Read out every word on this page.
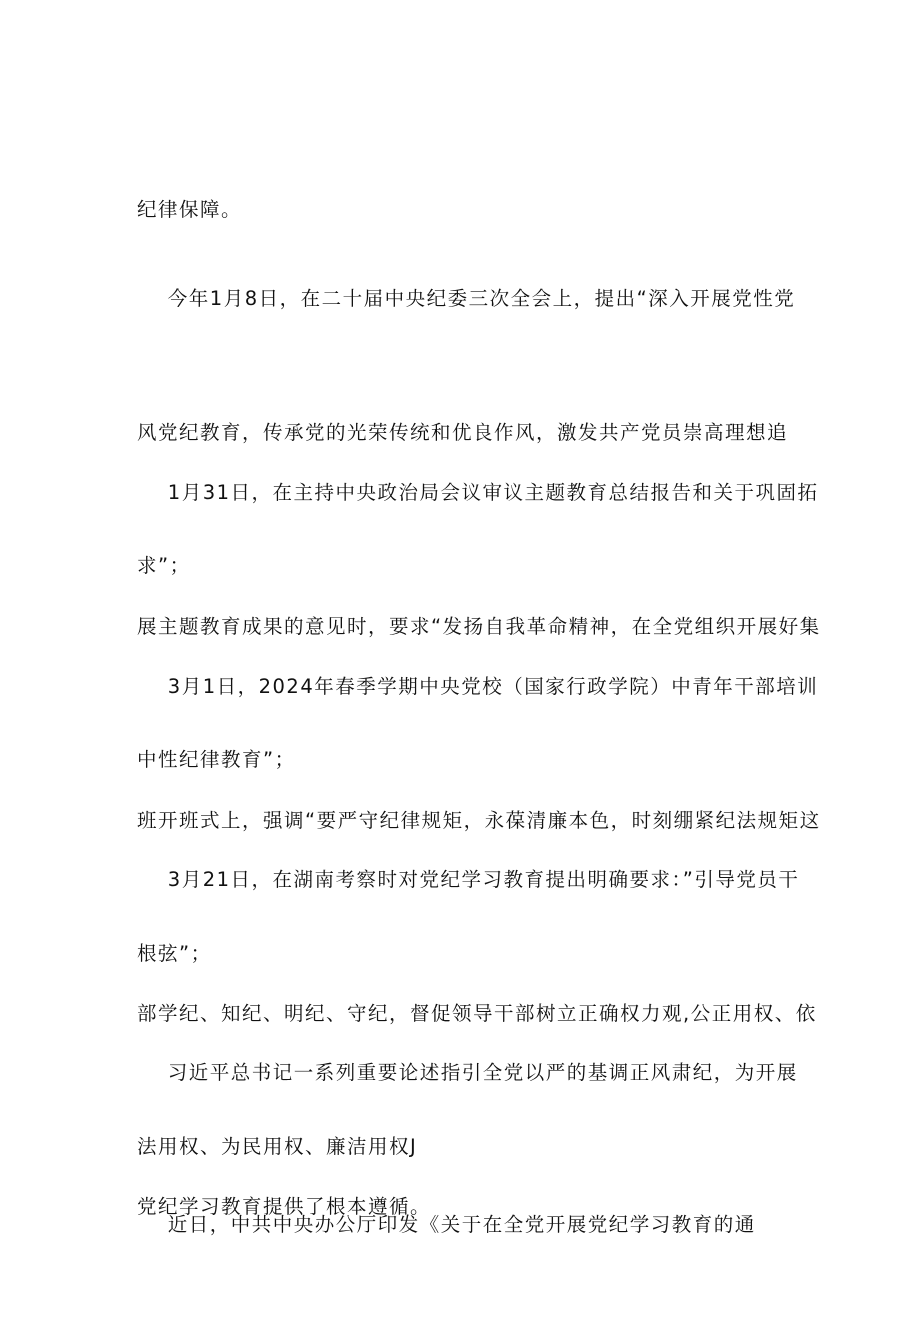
纪律保障。

今年1月8日，在二十届中央纪委三次全会上，提出“深入开展党性党

风党纪教育，传承党的光荣传统和优良作风，激发共产党员崇高理想追

求”；

1月31日，在主持中央政治局会议审议主题教育总结报告和关于巩固拓

展主题教育成果的意见时，要求“发扬自我革命精神，在全党组织开展好集

中性纪律教育”；

3月1日，2024年春季学期中央党校（国家行政学院）中青年干部培训

班开班式上，强调“要严守纪律规矩，永葆清廉本色，时刻绷紧纪法规矩这

根弦”；

3月21日，在湖南考察时对党纪学习教育提出明确要求：”引导党员干

部学纪、知纪、明纪、守纪，督促领导干部树立正确权力观,公正用权、依

法用权、为民用权、廉洁用权J

习近平总书记一系列重要论述指引全党以严的基调正风肃纪，为开展

党纪学习教育提供了根本遵循。

近日，中共中央办公厅印发《关于在全党开展党纪学习教育的通
